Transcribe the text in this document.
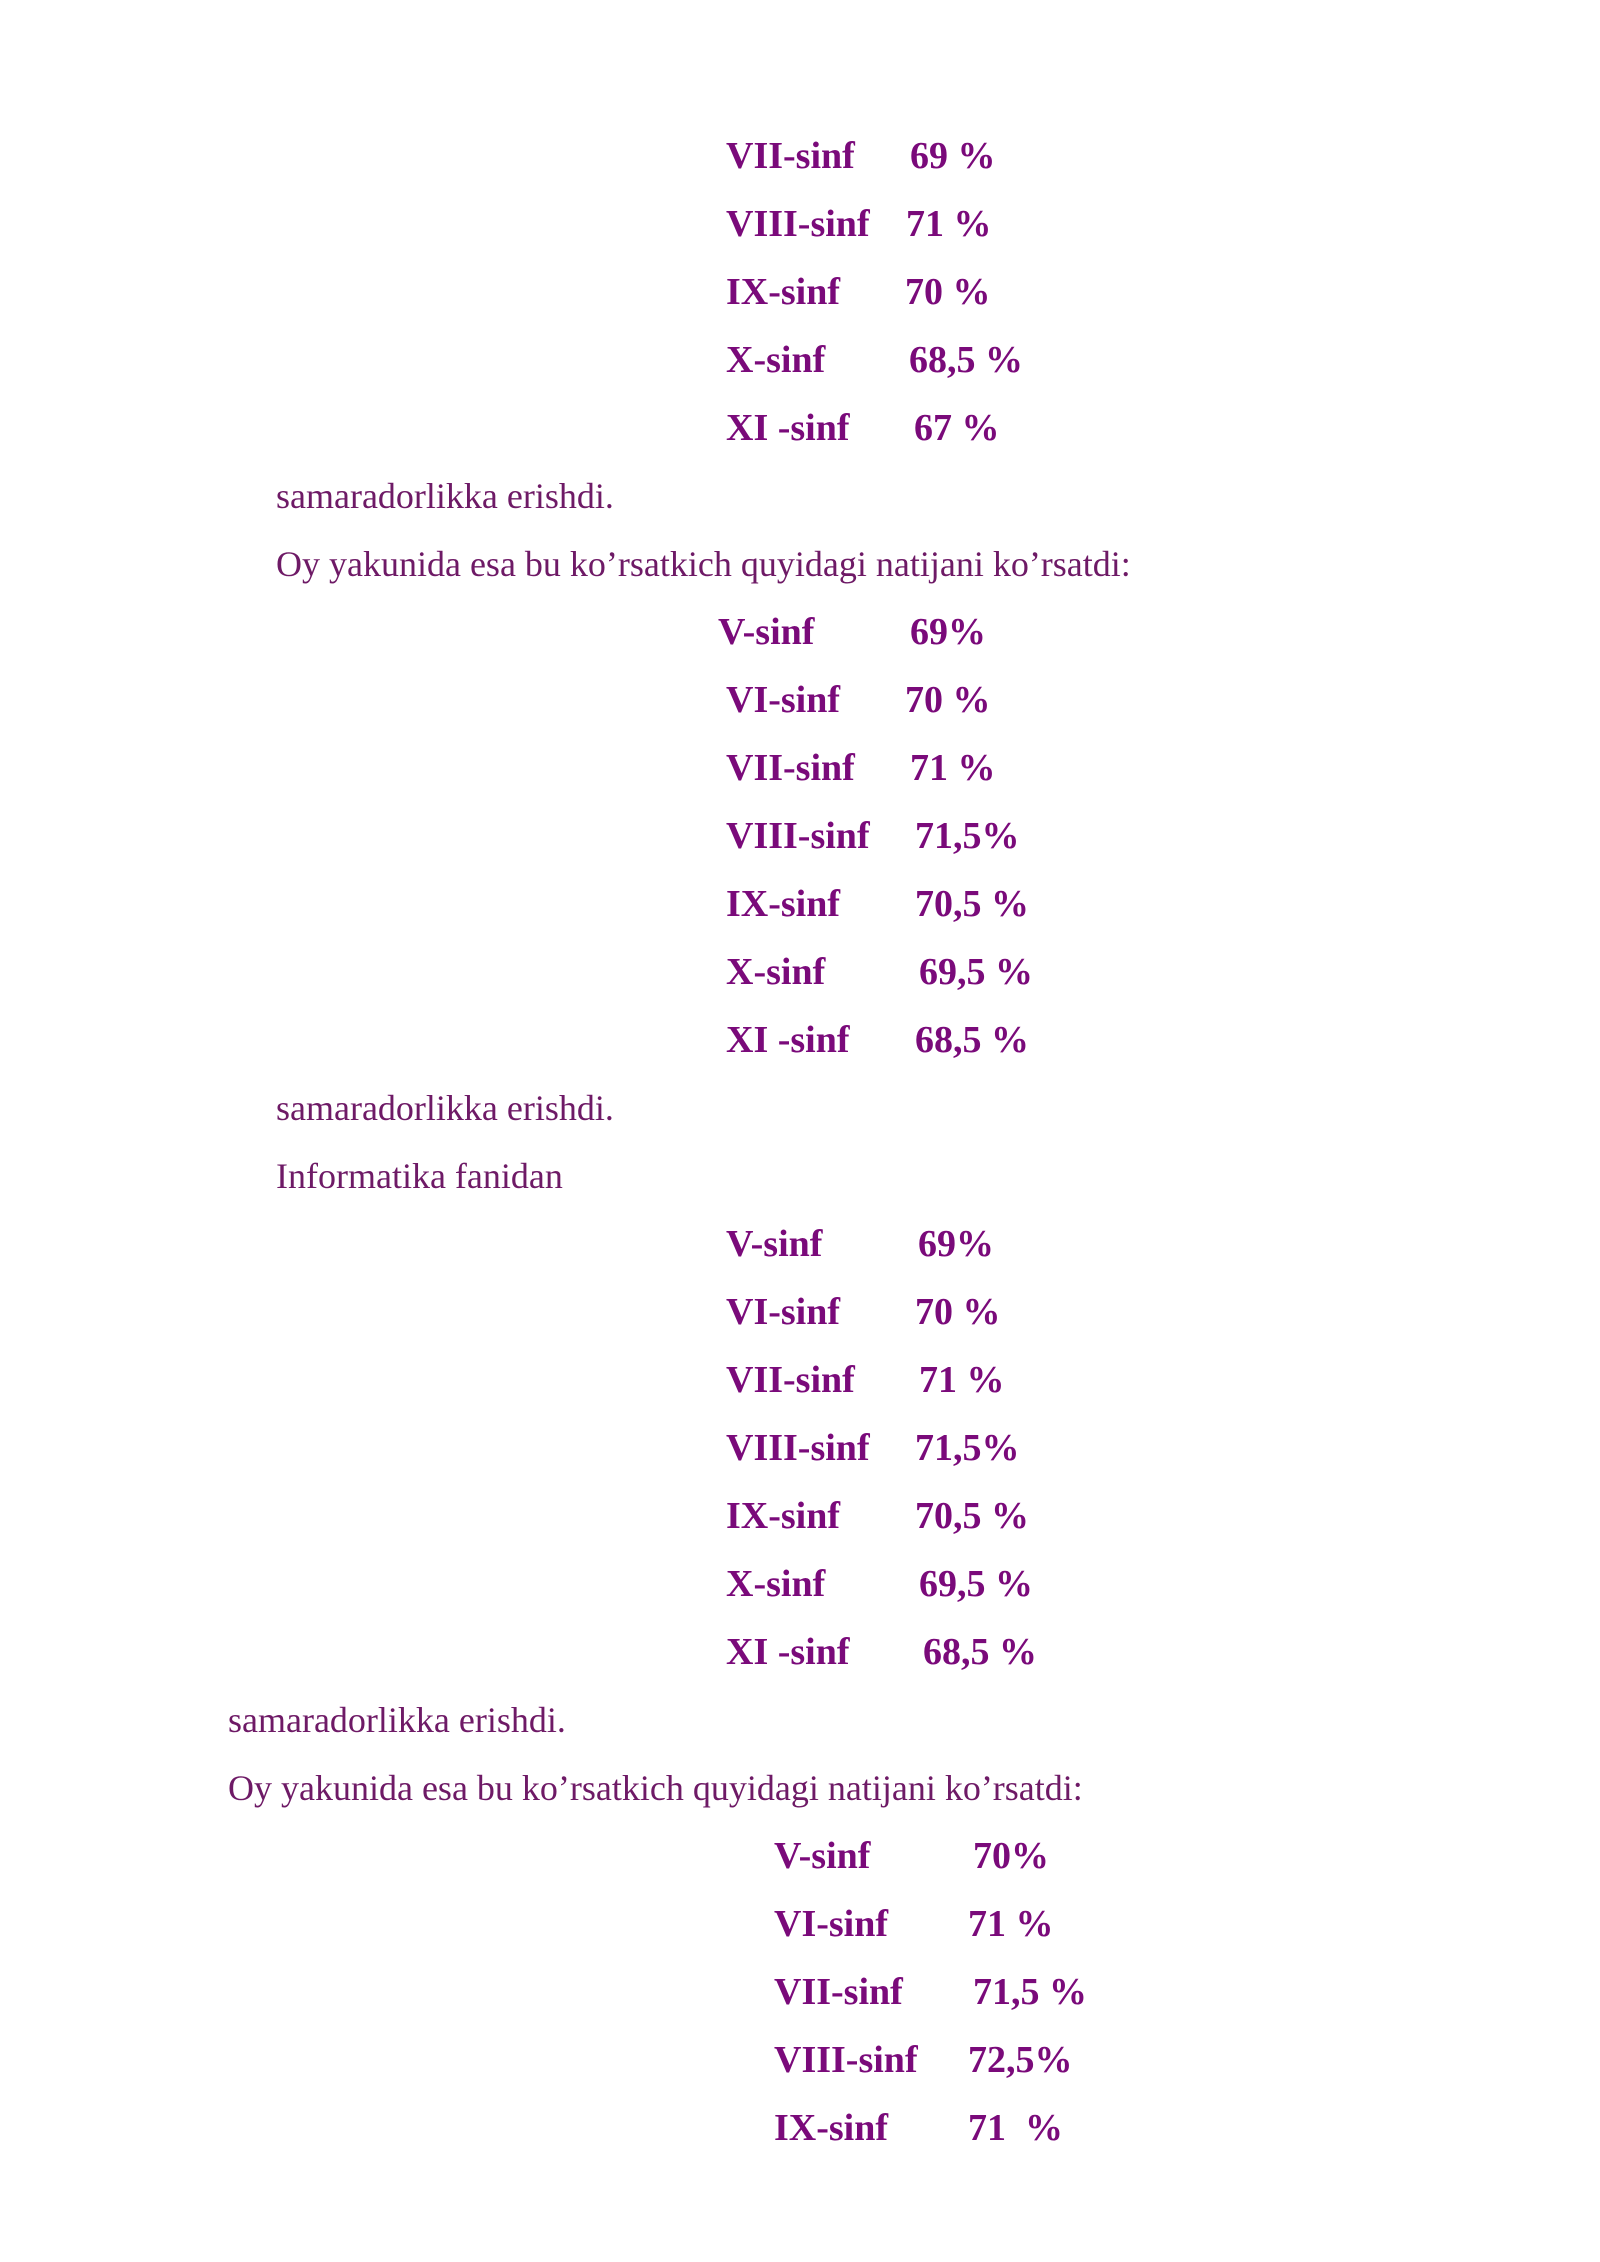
VII-sinf 69 %
VIII-sinf 71 %
IX-sinf 70 %
X-sinf 68,5 %
XI -sinf 67 %
samaradorlikka erishdi.
Oy yakunida esa bu ko’rsatkich quyidagi natijani ko’rsatdi:
V-sinf	69%
VI-sinf 70 %
VII-sinf 71 %
VIII-sinf 71,5%
IX-sinf 70,5 %
X-sinf 69,5 %
XI -sinf 68,5 %
samaradorlikka erishdi.
Informatika fanidan
V-sinf	69%
VI-sinf 70 %
VII-sinf 71 %
VIII-sinf 71,5%
IX-sinf 70,5 %
X-sinf 69,5 %
XI -sinf 68,5 %
samaradorlikka erishdi.
Oy yakunida esa bu ko’rsatkich quyidagi natijani ko’rsatdi:
V-sinf	70%
VI-sinf 71 %
VII-sinf 71,5 %
VIII-sinf 72,5%
IX-sinf 71  %
